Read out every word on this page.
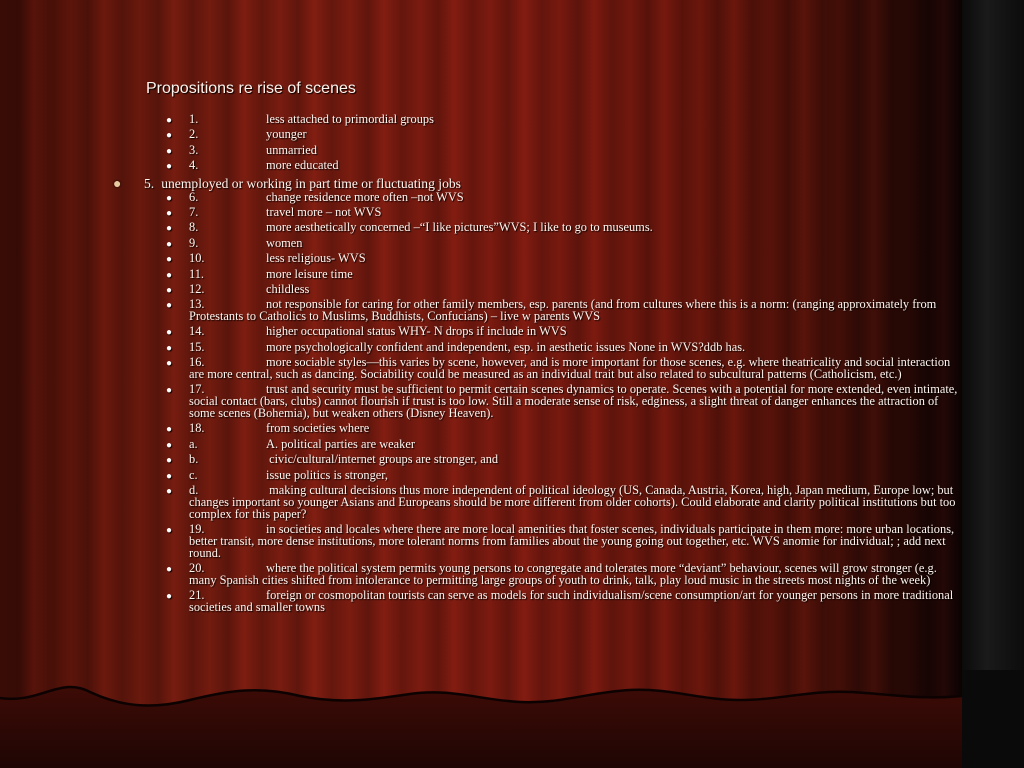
Propositions re rise of scenes
● 1.	less attached to primordial groups
● 2.	younger
● 3.	unmarried
● 4.	more educated
● 5. unemployed or working in part time or fluctuating jobs
● 6.	change residence more often –not WVS
● 7.	travel more – not WVS
● 8.	more aesthetically concerned –“I like pictures”WVS; I like to go to museums.
● 9.	women
● 10.	less religious- WVS
● 11.	more leisure time
● 12.	childless
● 13.	not responsible for caring for other family members, esp. parents (and from cultures where this is a norm: (ranging approximately from Protestants to Catholics to Muslims, Buddhists, Confucians) – live w parents WVS
● 14.	higher occupational status WHY- N drops if include in WVS
● 15.	more psychologically confident and independent, esp. in aesthetic issues None in WVS?ddb has.
● 16.	more sociable styles—this varies by scene, however, and is more important for those scenes, e.g. where theatricality and social interaction are more central, such as dancing. Sociability could be measured as an individual trait but also related to subcultural patterns (Catholicism, etc.)
● 17.	trust and security must be sufficient to permit certain scenes dynamics to operate. Scenes with a potential for more extended, even intimate, social contact (bars, clubs) cannot flourish if trust is too low. Still a moderate sense of risk, edginess, a slight threat of danger enhances the attraction of some scenes (Bohemia), but weaken others (Disney Heaven).
● 18.	from societies where
● a.	A. political parties are weaker
● b.	civic/cultural/internet groups are stronger, and
● c.	issue politics is stronger,
● d.	making cultural decisions thus more independent of political ideology (US, Canada, Austria, Korea, high, Japan medium, Europe low; but changes important so younger Asians and Europeans should be more different from older cohorts). Could elaborate and clarity political institutions but too complex for this paper?
● 19.	in societies and locales where there are more local amenities that foster scenes, individuals participate in them more: more urban locations, better transit, more dense institutions, more tolerant norms from families about the young going out together, etc. WVS anomie for individual; ; add next round.
● 20.	where the political system permits young persons to congregate and tolerates more “deviant” behaviour, scenes will grow stronger (e.g. many Spanish cities shifted from intolerance to permitting large groups of youth to drink, talk, play loud music in the streets most nights of the week)
● 21.	foreign or cosmopolitan tourists can serve as models for such individualism/scene consumption/art for younger persons in more traditional societies and smaller towns
